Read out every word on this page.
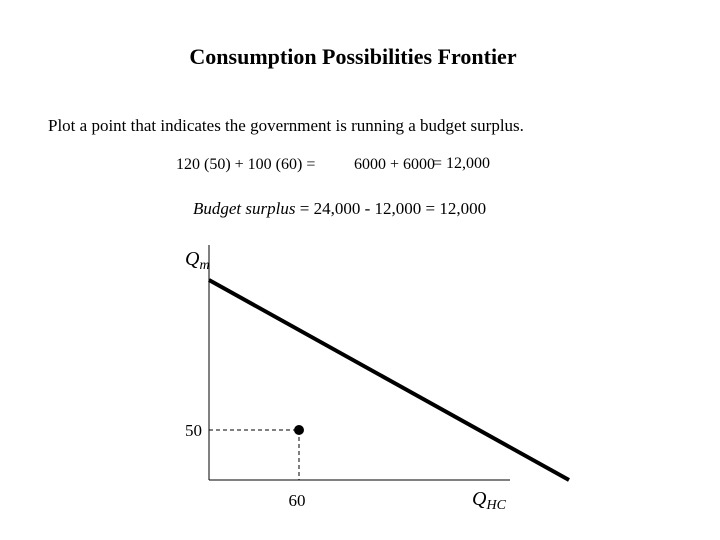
Consumption Possibilities Frontier
Plot a point that indicates the government is running a budget surplus.
120 (50) + 100 (60) = 6000 + 6000
= 12,000
Budget surplus = 24,000 - 12,000 = 12,000
$Q_m$
$Q_{HC}$
50
60
